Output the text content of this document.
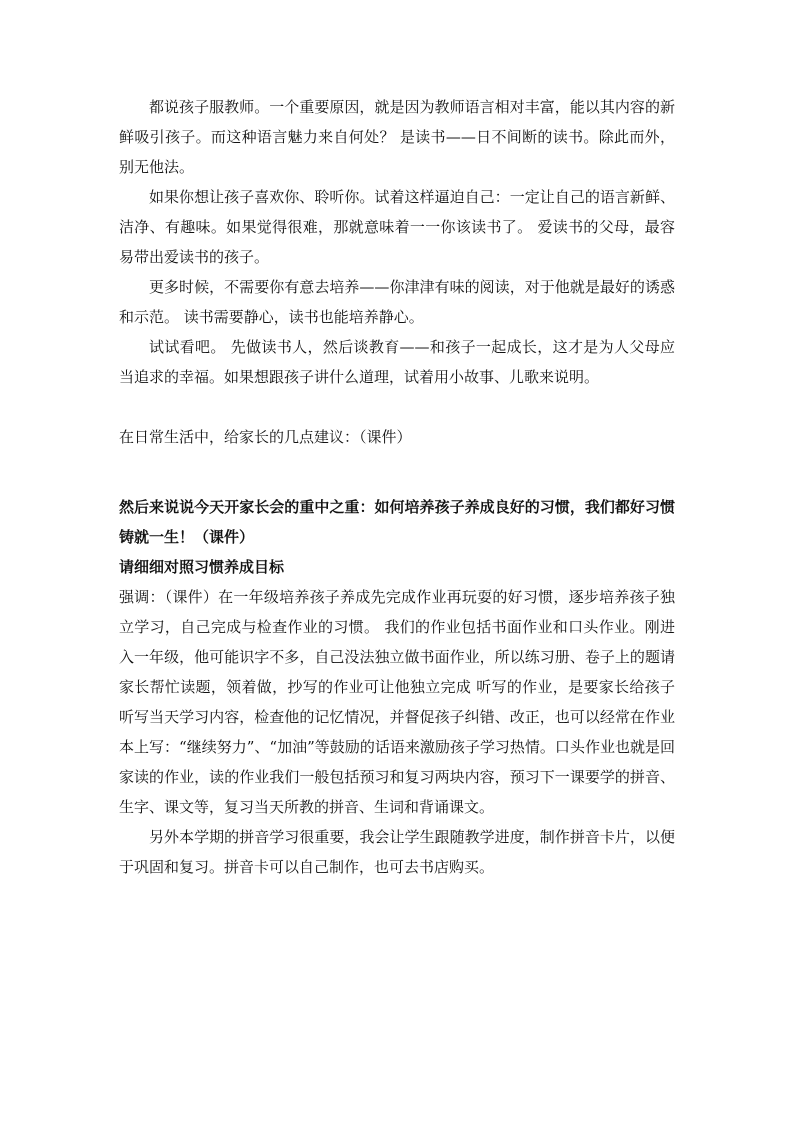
都说孩子服教师。一个重要原因，就是因为教师语言相对丰富，能以其内容的新鲜吸引孩子。而这种语言魅力来自何处？ 是读书——日不间断的读书。除此而外，别无他法。

如果你想让孩子喜欢你、聆听你。试着这样逼迫自己：一定让自己的语言新鲜、洁净、有趣味。如果觉得很难，那就意味着一一你该读书了。 爱读书的父母，最容易带出爱读书的孩子。

更多时候，不需要你有意去培养——你津津有味的阅读，对于他就是最好的诱惑和示范。 读书需要静心，读书也能培养静心。

试试看吧。 先做读书人，然后谈教育——和孩子一起成长，这才是为人父母应当追求的幸福。如果想跟孩子讲什么道理，试着用小故事、儿歌来说明。

在日常生活中，给家长的几点建议：（课件）

然后来说说今天开家长会的重中之重：如何培养孩子养成良好的习惯，我们都好习惯铸就一生！（课件）

请细细对照习惯养成目标

强调：（课件）在一年级培养孩子养成先完成作业再玩耍的好习惯，逐步培养孩子独立学习，自己完成与检查作业的习惯。 我们的作业包括书面作业和口头作业。刚进入一年级，他可能识字不多，自己没法独立做书面作业，所以练习册、卷子上的题请家长帮忙读题，领着做，抄写的作业可让他独立完成 听写的作业，是要家长给孩子听写当天学习内容，检查他的记忆情况，并督促孩子纠错、改正，也可以经常在作业本上写：“继续努力”、“加油”等鼓励的话语来激励孩子学习热情。口头作业也就是回家读的作业，读的作业我们一般包括预习和复习两块内容，预习下一课要学的拼音、生字、课文等，复习当天所教的拼音、生词和背诵课文。

另外本学期的拼音学习很重要，我会让学生跟随教学进度，制作拼音卡片，以便于巩固和复习。拼音卡可以自己制作，也可去书店购买。
